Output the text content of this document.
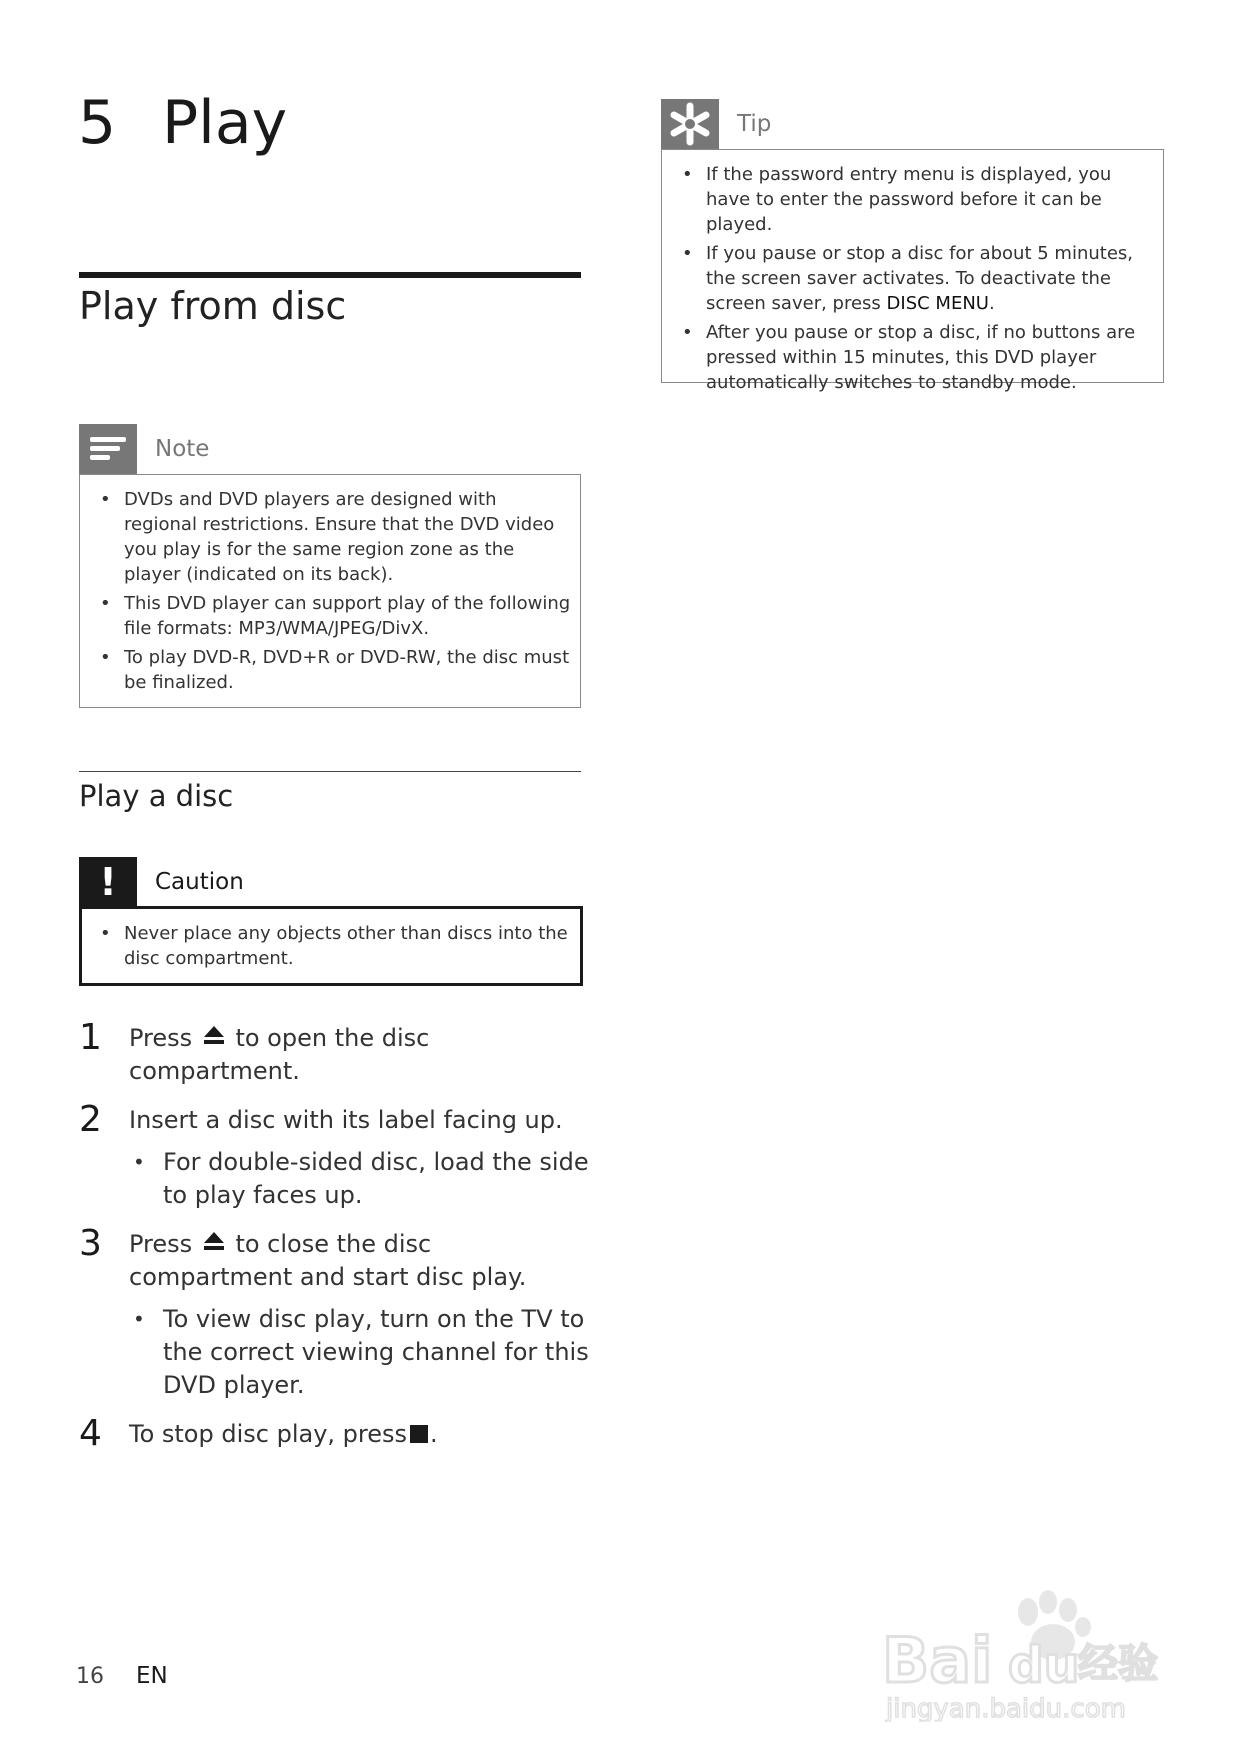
5 Play
Play from disc
Note
• DVDs and DVD players are designed with regional restrictions. Ensure that the DVD video you play is for the same region zone as the player (indicated on its back).
• This DVD player can support play of the following file formats: MP3/WMA/JPEG/DivX.
• To play DVD-R, DVD+R or DVD-RW, the disc must be finalized.
Tip
• If the password entry menu is displayed, you have to enter the password before it can be played.
• If you pause or stop a disc for about 5 minutes, the screen saver activates. To deactivate the screen saver, press DISC MENU.
• After you pause or stop a disc, if no buttons are pressed within 15 minutes, this DVD player automatically switches to standby mode.
Play a disc
!	Caution
• Never place any objects other than discs into the disc compartment.
1 Press to open the disc compartment.
2 Insert a disc with its label facing up.
• For double-sided disc, load the side to play faces up.
3 Press to close the disc compartment and start disc play.
• To view disc play, turn on the TV to the correct viewing channel for this DVD player.
4 To stop disc play, press .
16 EN	Bai du
经验
jingyan.baidu.com
